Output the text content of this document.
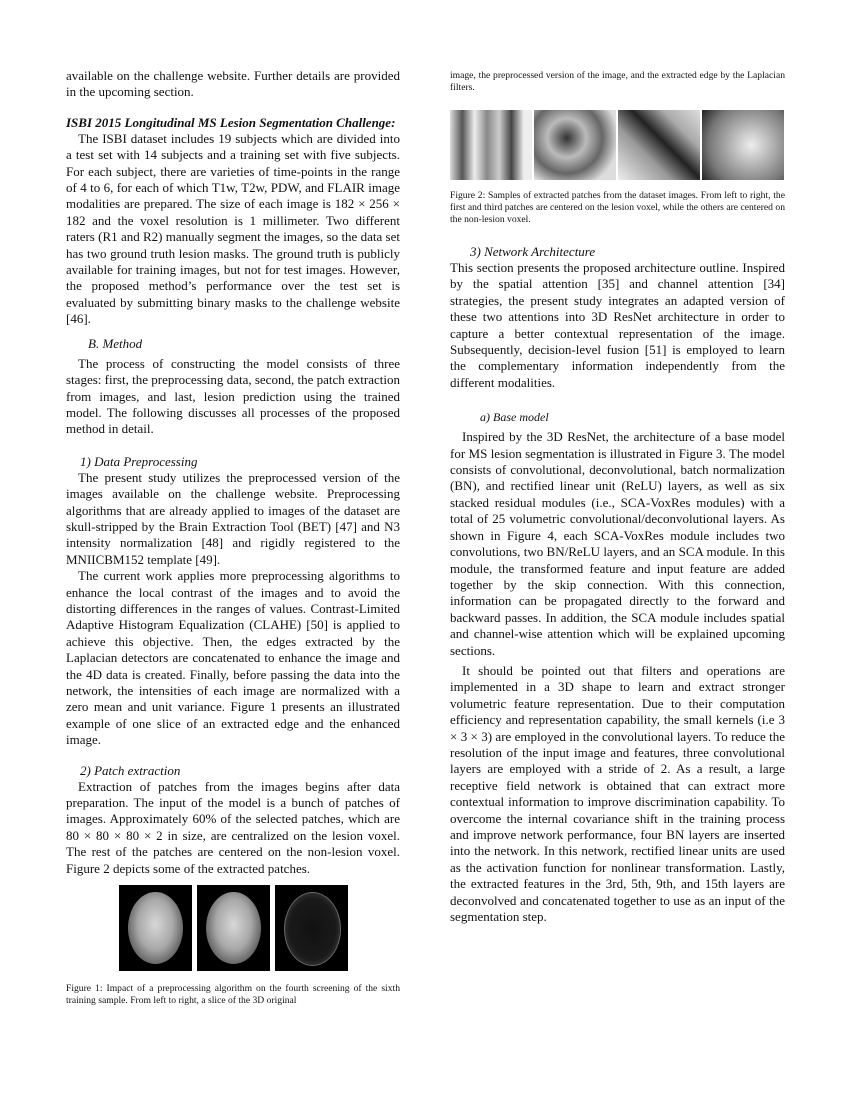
available on the challenge website. Further details are provided in the upcoming section.

ISBI 2015 Longitudinal MS Lesion Segmentation Challenge:

The ISBI dataset includes 19 subjects which are divided into a test set with 14 subjects and a training set with five subjects. For each subject, there are varieties of time-points in the range of 4 to 6, for each of which T1w, T2w, PDW, and FLAIR image modalities are prepared. The size of each image is 182 × 256 × 182 and the voxel resolution is 1 millimeter. Two different raters (R1 and R2) manually segment the images, so the data set has two ground truth lesion masks. The ground truth is publicly available for training images, but not for test images. However, the proposed method’s performance over the test set is evaluated by submitting binary masks to the challenge website [46].

B. Method

The process of constructing the model consists of three stages: first, the preprocessing data, second, the patch extraction from images, and last, lesion prediction using the trained model. The following discusses all processes of the proposed method in detail.

1) Data Preprocessing

The present study utilizes the preprocessed version of the images available on the challenge website. Preprocessing algorithms that are already applied to images of the dataset are skull-stripped by the Brain Extraction Tool (BET) [47] and N3 intensity normalization [48] and rigidly registered to the MNIICBM152 template [49].

The current work applies more preprocessing algorithms to enhance the local contrast of the images and to avoid the distorting differences in the ranges of values. Contrast-Limited Adaptive Histogram Equalization (CLAHE) [50] is applied to achieve this objective. Then, the edges extracted by the Laplacian detectors are concatenated to enhance the image and the 4D data is created. Finally, before passing the data into the network, the intensities of each image are normalized with a zero mean and unit variance. Figure 1 presents an illustrated example of one slice of an extracted edge and the enhanced image.

2) Patch extraction

Extraction of patches from the images begins after data preparation. The input of the model is a bunch of patches of images. Approximately 60% of the selected patches, which are 80 × 80 × 80 × 2 in size, are centralized on the lesion voxel. The rest of the patches are centered on the non-lesion voxel. Figure 2 depicts some of the extracted patches.

Figure 1: Impact of a preprocessing algorithm on the fourth screening of the sixth training sample. From left to right, a slice of the 3D original

image, the preprocessed version of the image, and the extracted edge by the Laplacian filters.

Figure 2: Samples of extracted patches from the dataset images. From left to right, the first and third patches are centered on the lesion voxel, while the others are centered on the non-lesion voxel.

3) Network Architecture

This section presents the proposed architecture outline. Inspired by the spatial attention [35] and channel attention [34] strategies, the present study integrates an adapted version of these two attentions into 3D ResNet architecture in order to capture a better contextual representation of the image. Subsequently, decision-level fusion [51] is employed to learn the complementary information independently from the different modalities.

a) Base model

Inspired by the 3D ResNet, the architecture of a base model for MS lesion segmentation is illustrated in Figure 3. The model consists of convolutional, deconvolutional, batch normalization (BN), and rectified linear unit (ReLU) layers, as well as six stacked residual modules (i.e., SCA-VoxRes modules) with a total of 25 volumetric convolutional/deconvolutional layers. As shown in Figure 4, each SCA-VoxRes module includes two convolutions, two BN/ReLU layers, and an SCA module. In this module, the transformed feature and input feature are added together by the skip connection. With this connection, information can be propagated directly to the forward and backward passes. In addition, the SCA module includes spatial and channel-wise attention which will be explained upcoming sections.

It should be pointed out that filters and operations are implemented in a 3D shape to learn and extract stronger volumetric feature representation. Due to their computation efficiency and representation capability, the small kernels (i.e 3 × 3 × 3) are employed in the convolutional layers. To reduce the resolution of the input image and features, three convolutional layers are employed with a stride of 2. As a result, a large receptive field network is obtained that can extract more contextual information to improve discrimination capability. To overcome the internal covariance shift in the training process and improve network performance, four BN layers are inserted into the network. In this network, rectified linear units are used as the activation function for nonlinear transformation. Lastly, the extracted features in the 3rd, 5th, 9th, and 15th layers are deconvolved and concatenated together to use as an input of the segmentation step.
